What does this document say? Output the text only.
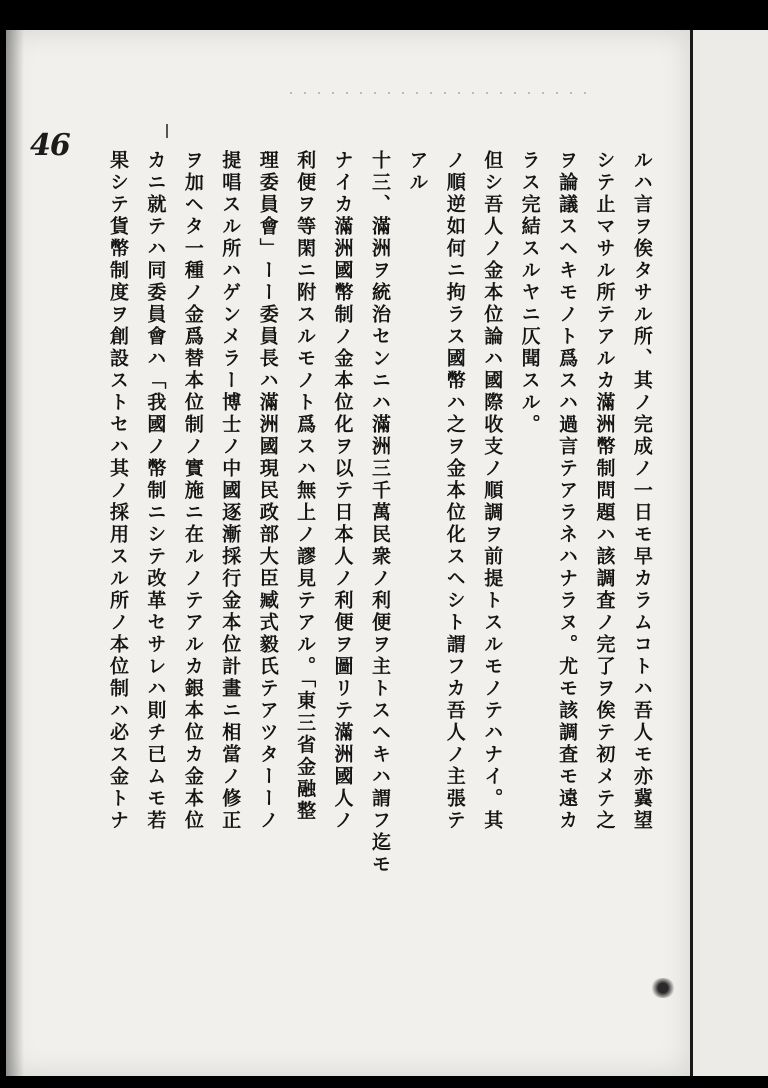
46
ルハ言ヲ俟タサル所、其ノ完成ノ一日モ早カラムコトハ吾人モ亦冀望
シテ止マサル所テアルカ滿洲幣制問題ハ該調査ノ完了ヲ俟テ初メテ之
ヲ論議スヘキモノト爲スハ過言テアラネハナラヌ。尤モ該調査モ遠カ
ラス完結スルヤニ仄聞スル。
但シ吾人ノ金本位論ハ國際收支ノ順調ヲ前提トスルモノテハナイ。其
ノ順逆如何ニ拘ラス國幣ハ之ヲ金本位化スヘシト謂フカ吾人ノ主張テ
アル
十三、滿洲ヲ統治センニハ滿洲三千萬民衆ノ利便ヲ主トスヘキハ謂フ迄モ
ナイカ滿洲國幣制ノ金本位化ヲ以テ日本人ノ利便ヲ圖リテ滿洲國人ノ
利便ヲ等閑ニ附スルモノト爲スハ無上ノ謬見テアル。「東三省金融整
理委員會」ーー委員長ハ滿洲國現民政部大臣臧式毅氏テアツターーノ
提唱スル所ハゲンメラー博士ノ中國逐漸採行金本位計畫ニ相當ノ修正
ヲ加ヘタ一種ノ金爲替本位制ノ實施ニ在ルノテアルカ銀本位カ金本位
カニ就テハ同委員會ハ「我國ノ幣制ニシテ改革セサレハ則チ已ムモ若
果シテ貨幣制度ヲ創設ストセハ其ノ採用スル所ノ本位制ハ必ス金トナ
